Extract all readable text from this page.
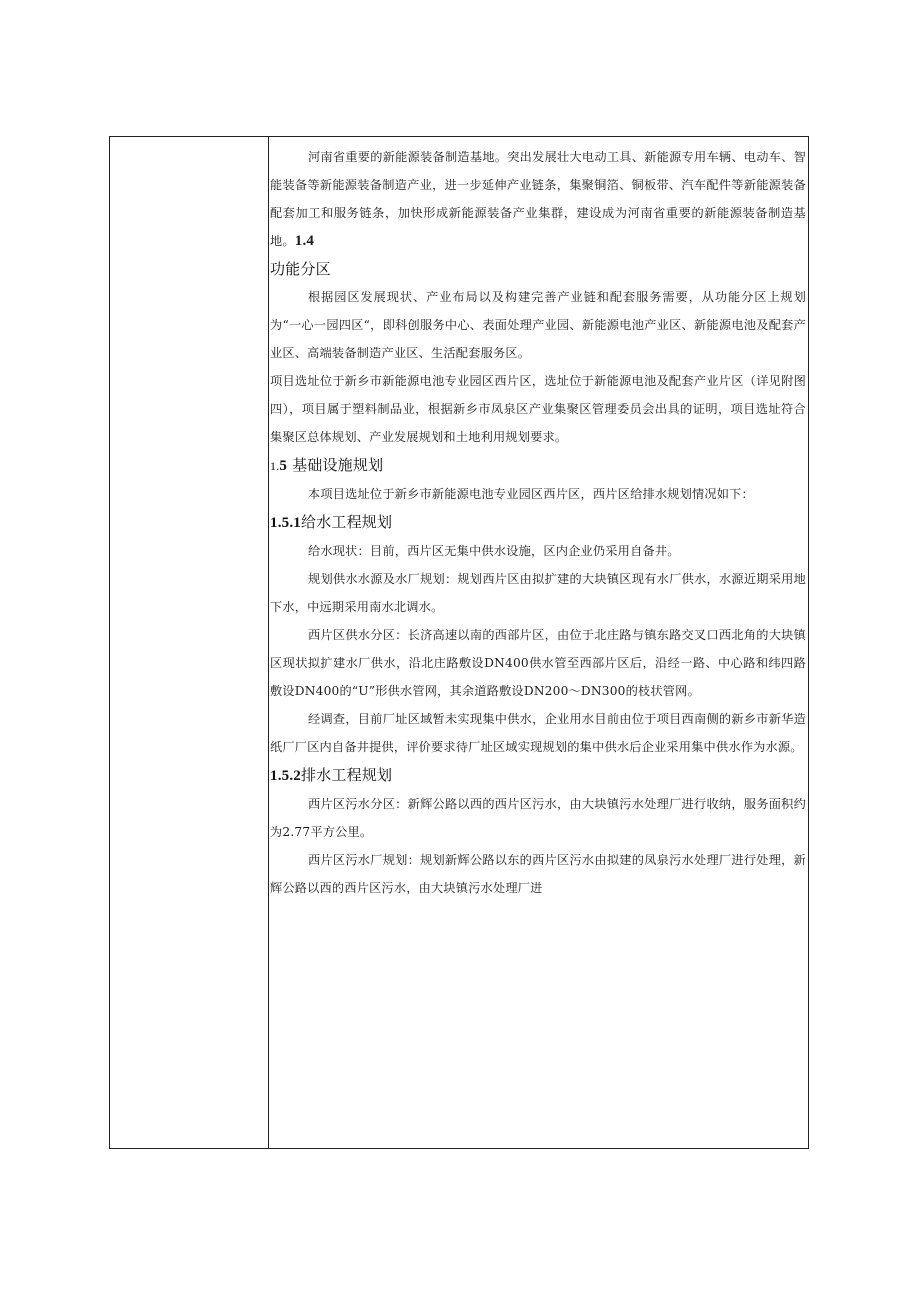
河南省重要的新能源装备制造基地。突出发展壮大电动工具、新能源专用车辆、电动车、智能装备等新能源装备制造产业，进一步延伸产业链条，集聚铜箔、铜板带、汽车配件等新能源装备配套加工和服务链条，加快形成新能源装备产业集群，建设成为河南省重要的新能源装备制造基地。1.4

功能分区

根据园区发展现状、产业布局以及构建完善产业链和配套服务需要，从功能分区上规划为“一心一园四区“，即科创服务中心、表面处理产业园、新能源电池产业区、新能源电池及配套产业区、高端装备制造产业区、生活配套服务区。

项目选址位于新乡市新能源电池专业园区西片区，选址位于新能源电池及配套产业片区（详见附图四），项目属于塑料制品业，根据新乡市凤泉区产业集聚区管理委员会出具的证明，项目选址符合集聚区总体规划、产业发展规划和土地利用规划要求。

1.5 基础设施规划

本项目选址位于新乡市新能源电池专业园区西片区，西片区给排水规划情况如下：

1.5.1给水工程规划

给水现状：目前，西片区无集中供水设施，区内企业仍采用自备井。

规划供水水源及水厂规划：规划西片区由拟扩建的大块镇区现有水厂供水，水源近期采用地下水，中远期采用南水北调水。

西片区供水分区：长济高速以南的西部片区，由位于北庄路与镇东路交叉口西北角的大块镇区现状拟扩建水厂供水，沿北庄路敷设DN400供水管至西部片区后，沿经一路、中心路和纬四路敷设DN400的“U”形供水管网，其余道路敷设DN200～DN300的枝状管网。

经调查，目前厂址区域暂未实现集中供水，企业用水目前由位于项目西南侧的新乡市新华造纸厂厂区内自备井提供，评价要求待厂址区域实现规划的集中供水后企业采用集中供水作为水源。

1.5.2排水工程规划

西片区污水分区：新辉公路以西的西片区污水，由大块镇污水处理厂进行收纳，服务面积约为2.77平方公里。

西片区污水厂规划：规划新辉公路以东的西片区污水由拟建的凤泉污水处理厂进行处理，新辉公路以西的西片区污水，由大块镇污水处理厂进
